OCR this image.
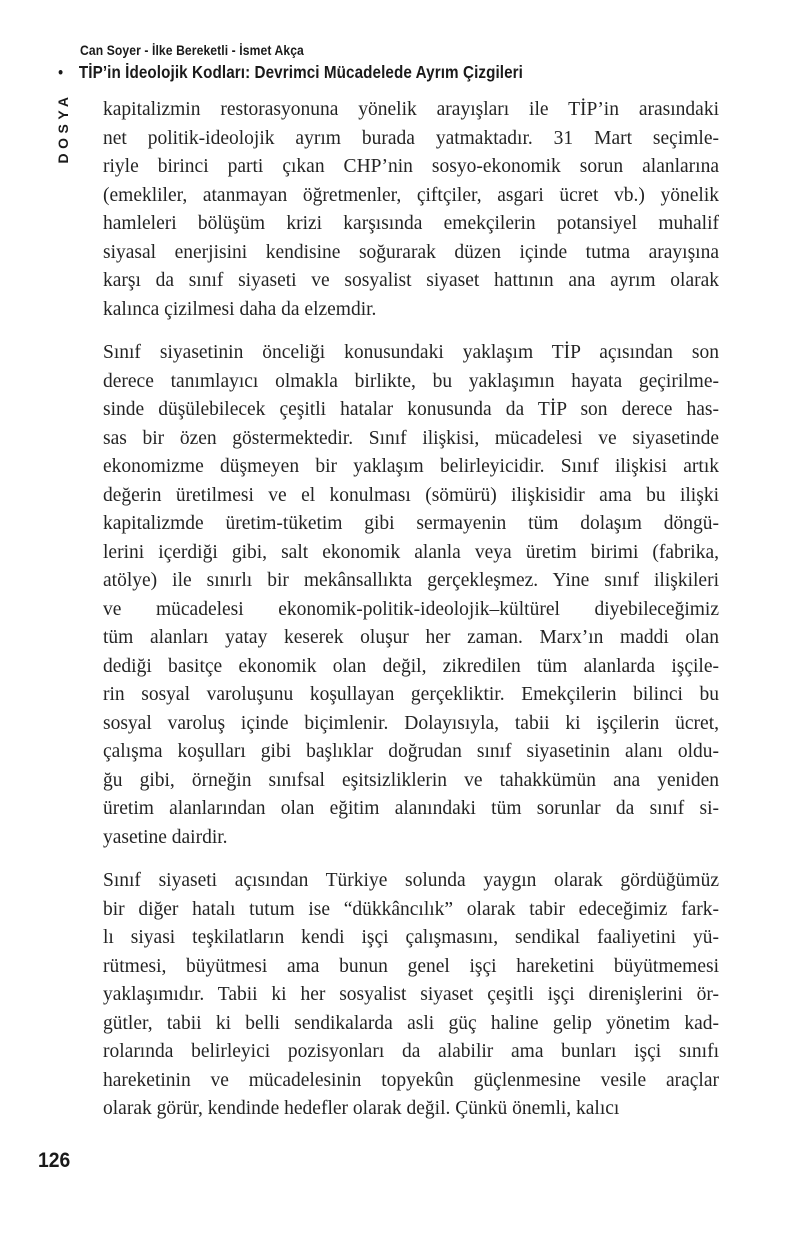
Can Soyer - İlke Bereketli - İsmet Akça
• TİP’in İdeolojik Kodları: Devrimci Mücadelede Ayrım Çizgileri
DOSYA kapitalizmin restorasyonuna yönelik arayışları ile TİP’in arasındaki
net politik-ideolojik ayrım burada yatmaktadır. 31 Mart seçimle-
riyle birinci parti çıkan CHP’nin sosyo-ekonomik sorun alanlarına
(emekliler, atanmayan öğretmenler, çiftçiler, asgari ücret vb.) yönelik
hamleleri bölüşüm krizi karşısında emekçilerin potansiyel muhalif
siyasal enerjisini kendisine soğurarak düzen içinde tutma arayışına
karşı da sınıf siyaseti ve sosyalist siyaset hattının ana ayrım olarak
kalınca çizilmesi daha da elzemdir.
Sınıf siyasetinin önceliği konusundaki yaklaşım TİP açısından son
derece tanımlayıcı olmakla birlikte, bu yaklaşımın hayata geçirilme-
sinde düşülebilecek çeşitli hatalar konusunda da TİP son derece has-
sas bir özen göstermektedir. Sınıf ilişkisi, mücadelesi ve siyasetinde
ekonomizme düşmeyen bir yaklaşım belirleyicidir. Sınıf ilişkisi artık
değerin üretilmesi ve el konulması (sömürü) ilişkisidir ama bu ilişki
kapitalizmde üretim-tüketim gibi sermayenin tüm dolaşım döngü-
lerini içerdiği gibi, salt ekonomik alanla veya üretim birimi (fabrika,
atölye) ile sınırlı bir mekânsallıkta gerçekleşmez. Yine sınıf ilişkileri
ve mücadelesi ekonomik-politik-ideolojik–kültürel diyebileceğimiz
tüm alanları yatay keserek oluşur her zaman. Marx’ın maddi olan
dediği basitçe ekonomik olan değil, zikredilen tüm alanlarda işçile-
rin sosyal varoluşunu koşullayan gerçekliktir. Emekçilerin bilinci bu
sosyal varoluş içinde biçimlenir. Dolayısıyla, tabii ki işçilerin ücret,
çalışma koşulları gibi başlıklar doğrudan sınıf siyasetinin alanı oldu-
ğu gibi, örneğin sınıfsal eşitsizliklerin ve tahakkümün ana yeniden
üretim alanlarından olan eğitim alanındaki tüm sorunlar da sınıf si-
yasetine dairdir.
Sınıf siyaseti açısından Türkiye solunda yaygın olarak gördüğümüz
bir diğer hatalı tutum ise “dükkâncılık” olarak tabir edeceğimiz fark-
lı siyasi teşkilatların kendi işçi çalışmasını, sendikal faaliyetini yü-
rütmesi, büyütmesi ama bunun genel işçi hareketini büyütmemesi
yaklaşımıdır. Tabii ki her sosyalist siyaset çeşitli işçi direnişlerini ör-
gütler, tabii ki belli sendikalarda asli güç haline gelip yönetim kad-
rolarında belirleyici pozisyonları da alabilir ama bunları işçi sınıfı
hareketinin ve mücadelesinin topyekûn güçlenmesine vesile araçlar
olarak görür, kendinde hedefler olarak değil. Çünkü önemli, kalıcı
126
